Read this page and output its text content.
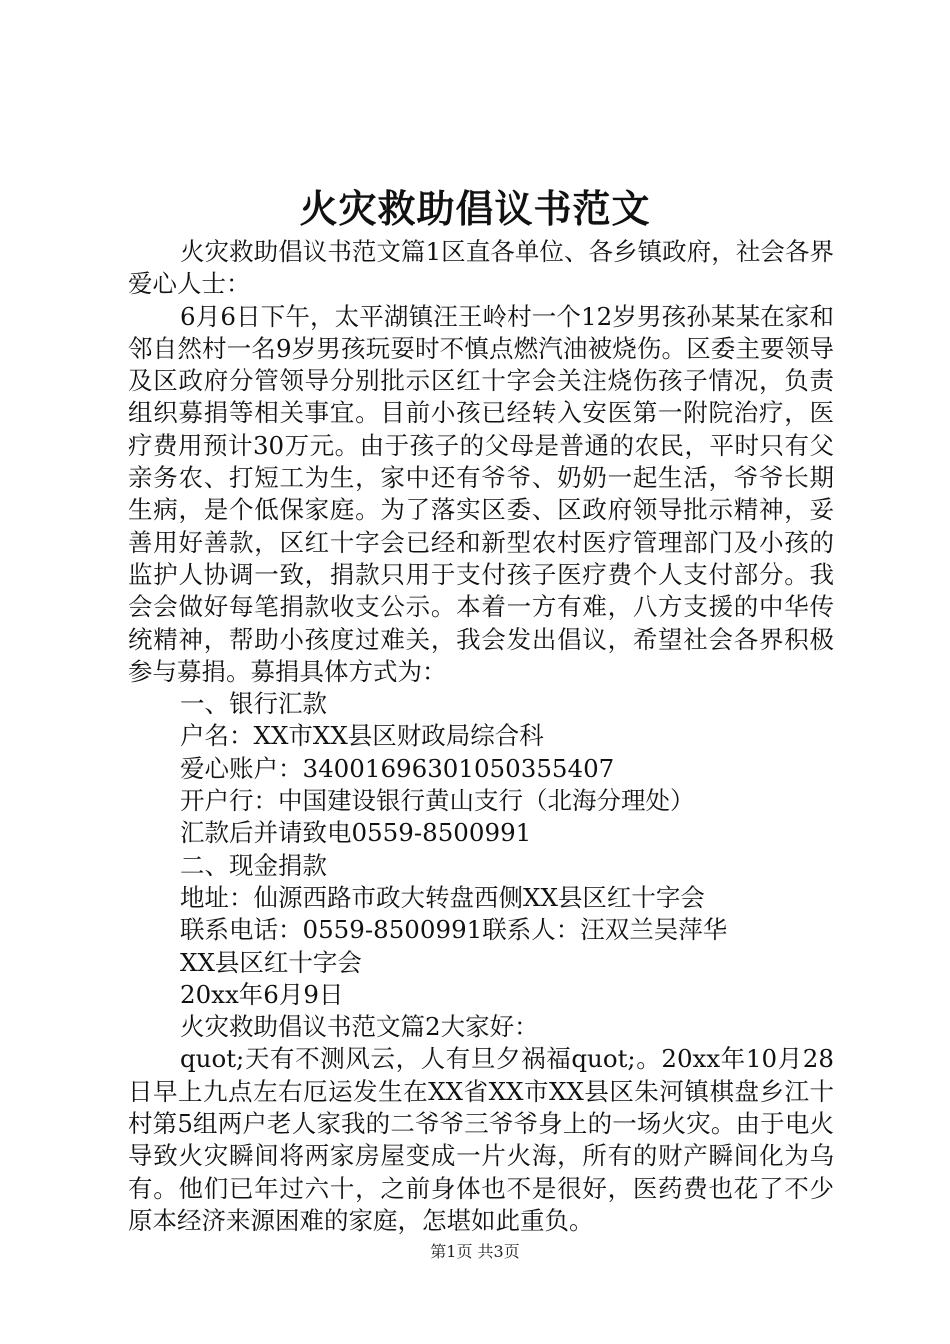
火灾救助倡议书范文

火灾救助倡议书范文篇1区直各单位、各乡镇政府，社会各界爱心人士：

6月6日下午，太平湖镇汪王岭村一个12岁男孩孙某某在家和邻自然村一名9岁男孩玩耍时不慎点燃汽油被烧伤。区委主要领导及区政府分管领导分别批示区红十字会关注烧伤孩子情况，负责组织募捐等相关事宜。目前小孩已经转入安医第一附院治疗，医疗费用预计30万元。由于孩子的父母是普通的农民，平时只有父亲务农、打短工为生，家中还有爷爷、奶奶一起生活，爷爷长期生病，是个低保家庭。为了落实区委、区政府领导批示精神，妥善用好善款，区红十字会已经和新型农村医疗管理部门及小孩的监护人协调一致，捐款只用于支付孩子医疗费个人支付部分。我会会做好每笔捐款收支公示。本着一方有难，八方支援的中华传统精神，帮助小孩度过难关，我会发出倡议，希望社会各界积极参与募捐。募捐具体方式为：

一、银行汇款

户名：XX市XX县区财政局综合科

爱心账户：34001696301050355407

开户行：中国建设银行黄山支行（北海分理处）

汇款后并请致电0559-8500991

二、现金捐款

地址：仙源西路市政大转盘西侧XX县区红十字会

联系电话：0559-8500991联系人：汪双兰吴萍华

XX县区红十字会

20xx年6月9日

火灾救助倡议书范文篇2大家好：

quot;天有不测风云，人有旦夕祸福quot;。20xx年10月28日早上九点左右厄运发生在XX省XX市XX县区朱河镇棋盘乡江十村第5组两户老人家我的二爷爷三爷爷身上的一场火灾。由于电火导致火灾瞬间将两家房屋变成一片火海，所有的财产瞬间化为乌有。他们已年过六十，之前身体也不是很好，医药费也花了不少原本经济来源困难的家庭，怎堪如此重负。

第1页 共3页
